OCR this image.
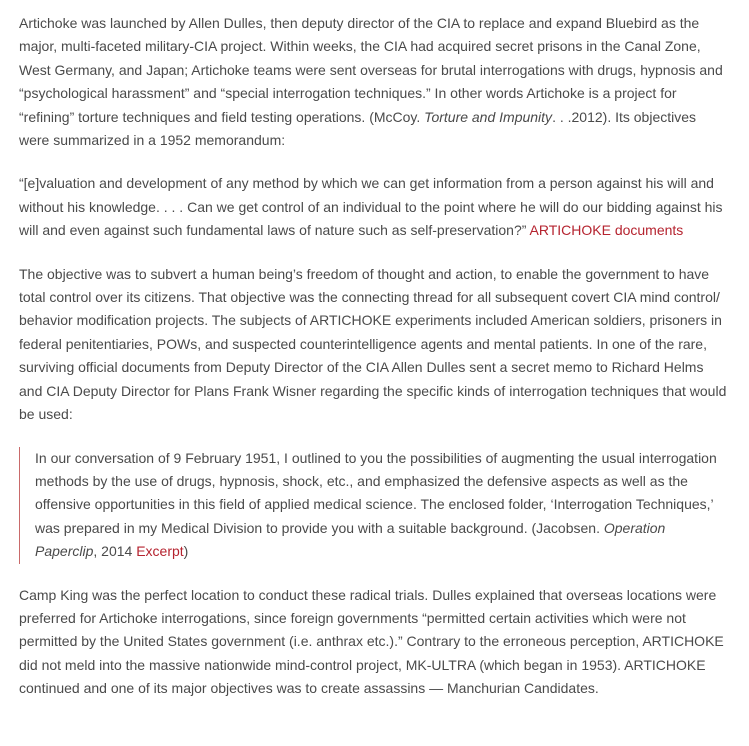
Artichoke was launched by Allen Dulles, then deputy director of the CIA to replace and expand Bluebird as the major, multi-faceted military-CIA project. Within weeks, the CIA had acquired secret prisons in the Canal Zone, West Germany, and Japan; Artichoke teams were sent overseas for brutal interrogations with drugs, hypnosis and “psychological harassment” and “special interrogation techniques.” In other words Artichoke is a project for “refining” torture techniques and field testing operations. (McCoy. Torture and Impunity. . .2012). Its objectives were summarized in a 1952 memorandum:

“[e]valuation and development of any method by which we can get information from a person against his will and without his knowledge. . . . Can we get control of an individual to the point where he will do our bidding against his will and even against such fundamental laws of nature such as self-preservation?” ARTICHOKE documents

The objective was to subvert a human being’s freedom of thought and action, to enable the government to have total control over its citizens. That objective was the connecting thread for all subsequent covert CIA mind control/ behavior modification projects. The subjects of ARTICHOKE experiments included American soldiers, prisoners in federal penitentiaries, POWs, and suspected counterintelligence agents and mental patients. In one of the rare, surviving official documents from Deputy Director of the CIA Allen Dulles sent a secret memo to Richard Helms and CIA Deputy Director for Plans Frank Wisner regarding the specific kinds of interrogation techniques that would be used:

In our conversation of 9 February 1951, I outlined to you the possibilities of augmenting the usual interrogation methods by the use of drugs, hypnosis, shock, etc., and emphasized the defensive aspects as well as the offensive opportunities in this field of applied medical science. The enclosed folder, ‘Interrogation Techniques,’ was prepared in my Medical Division to provide you with a suitable background. (Jacobsen. Operation Paperclip, 2014 Excerpt)

Camp King was the perfect location to conduct these radical trials. Dulles explained that overseas locations were preferred for Artichoke interrogations, since foreign governments “permitted certain activities which were not permitted by the United States government (i.e. anthrax etc.).” Contrary to the erroneous perception, ARTICHOKE did not meld into the massive nationwide mind-control project, MK-ULTRA (which began in 1953). ARTICHOKE continued and one of its major objectives was to create assassins — Manchurian Candidates.
